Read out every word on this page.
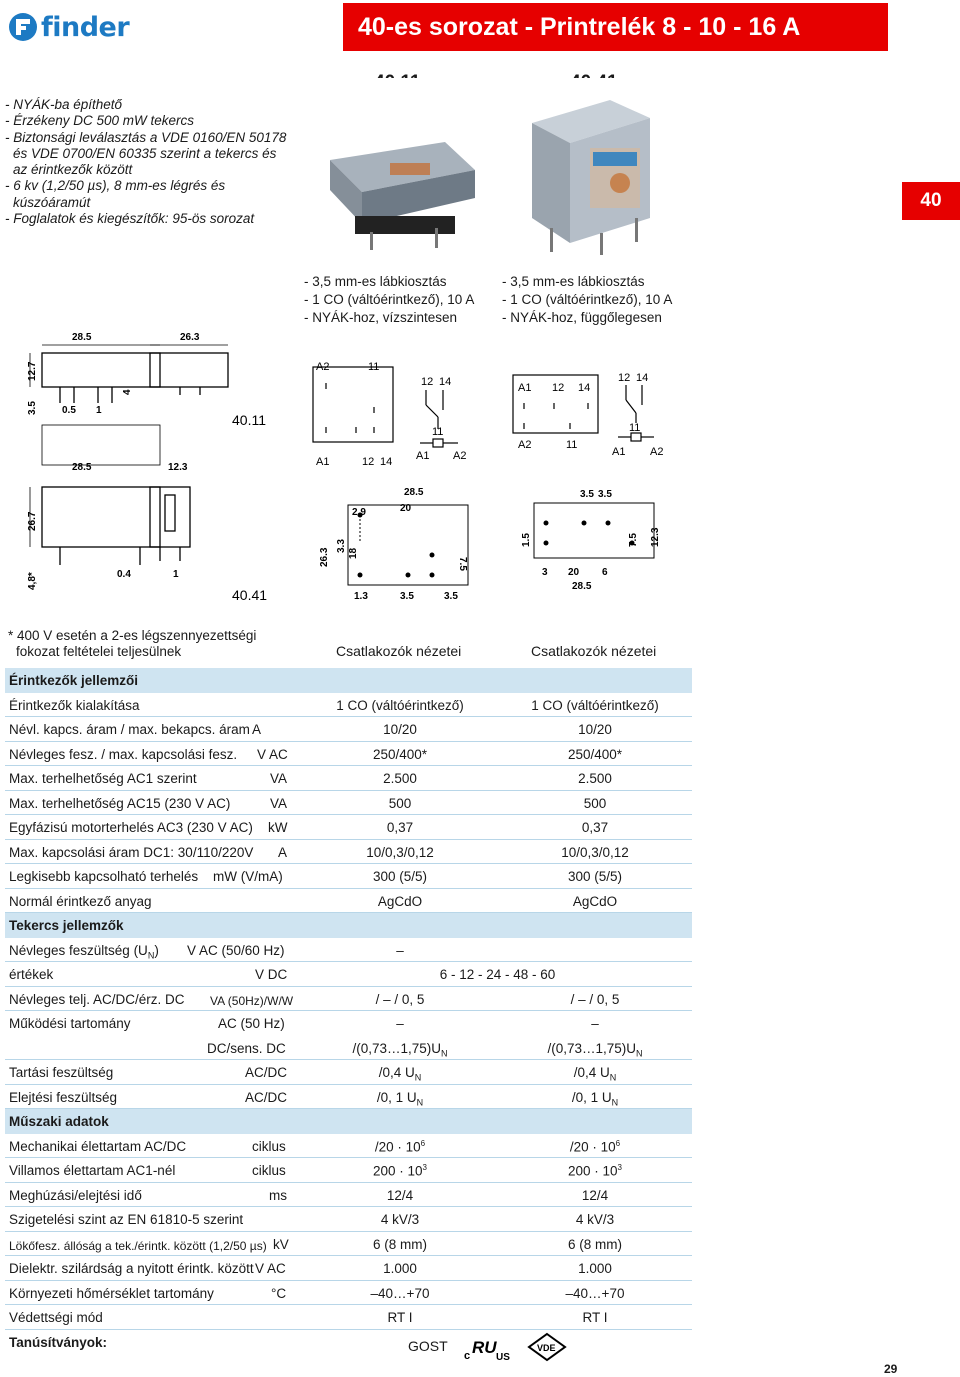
finder	40-es sorozat - Printrelék 8 - 10 - 16 A
- NYÁK-ba építhető
- Érzékeny DC 500 mW tekercs
- Biztonsági leválasztás a VDE 0160/EN 50178
és VDE 0700/EN 60335 szerint a tekercs és
az érintkezők között
- 6 kv (1,2/50 µs), 8 mm-es légrés és
kúszóáramút
- Foglalatok és kiegészítők: 95-ös sorozat
40
- 3,5 mm-es lábkiosztás
- 1 CO (váltóérintkező), 10 A
- NYÁK-hoz, vízszintesen
- 3,5 mm-es lábkiosztás
- 1 CO (váltóérintkező), 10 A
- NYÁK-hoz, függőlegesen
28.5	26.3
12.7
3.5 0.5 1
4
28.5	12.3
40.11
26.7
4,8*	0.4	1
40.41
A2	11
A1	12 14
12 14
11
A1 A2
A1 12 14
A2	11
12 14
11
A1 A2
28.5
20
2.9
26.3
3.3
18
1.3	3.5	3.5
7.5
3.5 3.5
1.5
3 20 6
28.5
7.5 12.3
* 400 V esetén a 2-es légszennyezettségi
fokozat feltételei teljesülnek	Csatlakozók nézetei	Csatlakozók nézetei
Érintkezők jellemzői
Érintkezők kialakítása	1 CO (váltóérintkező)	1 CO (váltóérintkező)
Névl. kapcs. áram / max. bekapcs. áram A	10/20	10/20
Névleges fesz. / max. kapcsolási fesz. V AC	250/400*	250/400*
Max. terhelhetőség AC1 szerint	VA	2.500	2.500
Max. terhelhetőség AC15 (230 V AC)	VA	500	500
Egyfázisú motorterhelés AC3 (230 V AC) kW	0,37	0,37
Max. kapcsolási áram DC1: 30/110/220V A	10/0,3/0,12	10/0,3/0,12
Legkisebb kapcsolható terhelés mW (V/mA)	300 (5/5)	300 (5/5)
Normál érintkező anyag	AgCdO	AgCdO
Tekercs jellemzők
Névleges feszültség $(U_N)$ V AC (50/60 Hz)	–
értékek	V DC	6 - 12 - 24 - 48 - 60
Névleges telj. AC/DC/érz. DC VA (50Hz)/W/W	/ – / 0, 5	/ – / 0, 5
Működési tartomány	AC (50 Hz)	–	–
DC/sens. DC	$/(0,73\dots 1,75)U_N$	$/(0,73\dots 1,75)U_N$
Tartási feszültség	AC/DC	/0,4 $U_N$	/0,4 $U_N$
Elejtési feszültség	AC/DC	/0, 1 $U_N$	/0, 1 $U_N$
Műszaki adatok
Mechanikai élettartam AC/DC	ciklus	$/20 \cdot 10^6$	$/20 \cdot 10^6$
Villamos élettartam AC1-nél	ciklus	$200 \cdot 10^3$	$200 \cdot 10^3$
Meghúzási/elejtési idő	ms	12/4	12/4
Szigetelési szint az EN 61810-5 szerint	4 kV/3	4 kV/3
Lökőfesz. állóság a tek./érintk. között (1,2/50 µs) kV	6 (8 mm)	6 (8 mm)
Dielektr. szilárdság a nyitott érintk. között V AC	1.000	1.000
Környezeti hőmérséklet tartomány	°C	–40…+70	–40…+70
Védettségi mód	RT I	RT I
Tanúsítványok:	GOST
c RU
US
VDE
29
